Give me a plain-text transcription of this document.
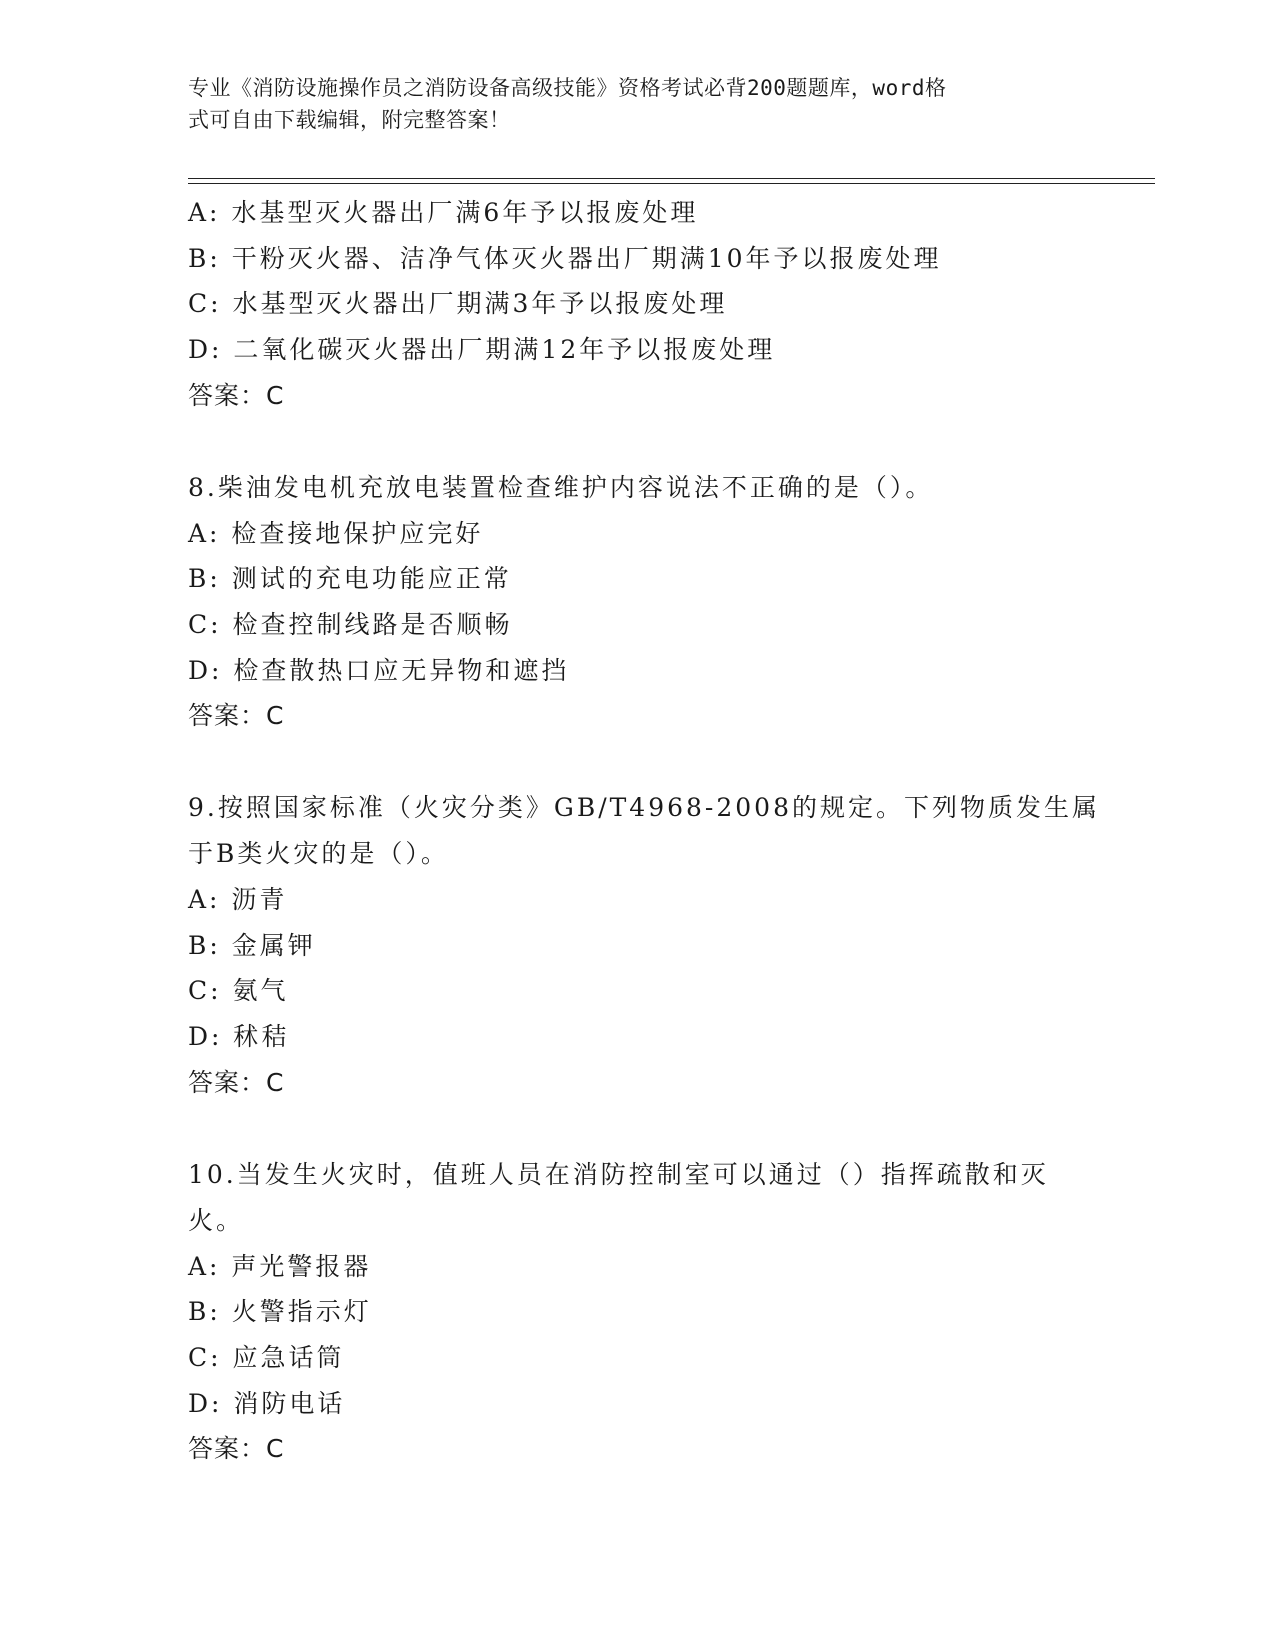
专业《消防设施操作员之消防设备高级技能》资格考试必背200题题库，word格
式可自由下载编辑，附完整答案！

A: 水基型灭火器出厂满6年予以报废处理

B: 干粉灭火器、洁净气体灭火器出厂期满10年予以报废处理

C: 水基型灭火器出厂期满3年予以报废处理

D: 二氧化碳灭火器出厂期满12年予以报废处理

答案：C

8.柴油发电机充放电装置检查维护内容说法不正确的是（）。

A: 检查接地保护应完好

B: 测试的充电功能应正常

C: 检查控制线路是否顺畅

D: 检查散热口应无异物和遮挡

答案：C

9.按照国家标准（火灾分类》GB/T4968-2008的规定。下列物质发生属

于B类火灾的是（）。

A: 沥青

B: 金属钾

C: 氨气

D: 秫秸

答案：C

10.当发生火灾时，值班人员在消防控制室可以通过（）指挥疏散和灭

火。

A: 声光警报器

B: 火警指示灯

C: 应急话筒

D: 消防电话

答案：C
